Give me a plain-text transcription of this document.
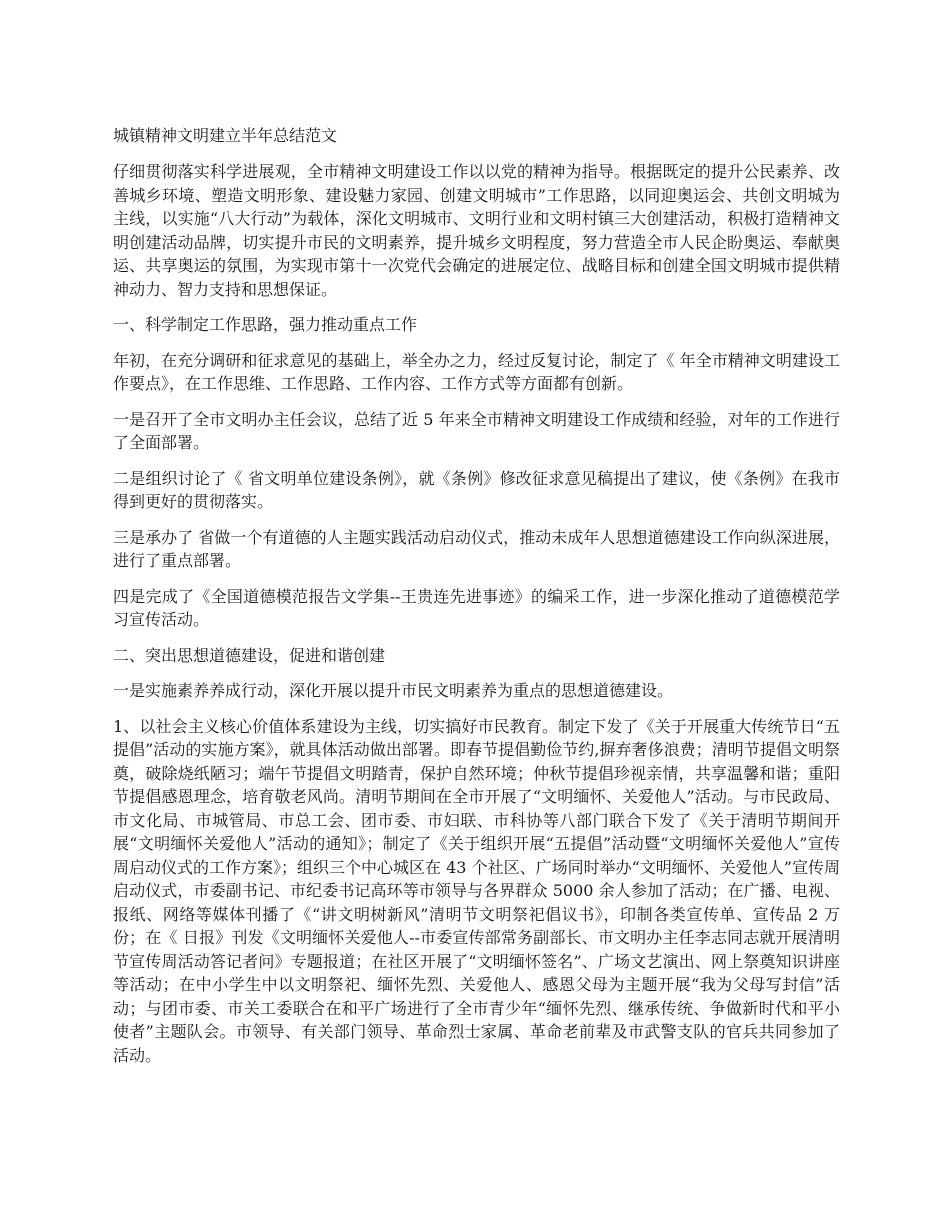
城镇精神文明建立半年总结范文

仔细贯彻落实科学进展观，全市精神文明建设工作以以党的精神为指导。根据既定的提升公民素养、改善城乡环境、塑造文明形象、建设魅力家园、创建文明城市”工作思路，以同迎奥运会、共创文明城为主线，以实施“八大行动”为载体，深化文明城市、文明行业和文明村镇三大创建活动，积极打造精神文明创建活动品牌，切实提升市民的文明素养，提升城乡文明程度，努力营造全市人民企盼奥运、奉献奥运、共享奥运的氛围，为实现市第十一次党代会确定的进展定位、战略目标和创建全国文明城市提供精神动力、智力支持和思想保证。

一、科学制定工作思路，强力推动重点工作

年初，在充分调研和征求意见的基础上，举全办之力，经过反复讨论，制定了《 年全市精神文明建设工作要点》，在工作思维、工作思路、工作内容、工作方式等方面都有创新。

一是召开了全市文明办主任会议，总结了近 5 年来全市精神文明建设工作成绩和经验，对年的工作进行了全面部署。

二是组织讨论了《 省文明单位建设条例》，就《条例》修改征求意见稿提出了建议，使《条例》在我市得到更好的贯彻落实。

三是承办了 省做一个有道德的人主题实践活动启动仪式，推动未成年人思想道德建设工作向纵深进展，进行了重点部署。

四是完成了《全国道德模范报告文学集--王贵连先进事迹》的编采工作，进一步深化推动了道德模范学习宣传活动。

二、突出思想道德建设，促进和谐创建

一是实施素养养成行动，深化开展以提升市民文明素养为重点的思想道德建设。

1、以社会主义核心价值体系建设为主线，切实搞好市民教育。制定下发了《关于开展重大传统节日“五提倡”活动的实施方案》，就具体活动做出部署。即春节提倡勤俭节约,摒弃奢侈浪费；清明节提倡文明祭奠，破除烧纸陋习；端午节提倡文明踏青，保护自然环境；仲秋节提倡珍视亲情，共享温馨和谐；重阳节提倡感恩理念，培育敬老风尚。清明节期间在全市开展了“文明缅怀、关爱他人”活动。与市民政局、市文化局、市城管局、市总工会、团市委、市妇联、市科协等八部门联合下发了《关于清明节期间开展“文明缅怀关爱他人”活动的通知》；制定了《关于组织开展“五提倡”活动暨“文明缅怀关爱他人”宣传周启动仪式的工作方案》；组织三个中心城区在 43 个社区、广场同时举办“文明缅怀、关爱他人”宣传周启动仪式，市委副书记、市纪委书记高环等市领导与各界群众 5000 余人参加了活动；在广播、电视、报纸、网络等媒体刊播了《“讲文明树新风”清明节文明祭祀倡议书》，印制各类宣传单、宣传品 2 万份；在《 日报》刊发《文明缅怀关爱他人--市委宣传部常务副部长、市文明办主任李志同志就开展清明节宣传周活动答记者问》专题报道；在社区开展了“文明缅怀签名”、广场文艺演出、网上祭奠知识讲座等活动；在中小学生中以文明祭祀、缅怀先烈、关爱他人、感恩父母为主题开展“我为父母写封信”活动；与团市委、市关工委联合在和平广场进行了全市青少年“缅怀先烈、继承传统、争做新时代和平小使者”主题队会。市领导、有关部门领导、革命烈士家属、革命老前辈及市武警支队的官兵共同参加了活动。
